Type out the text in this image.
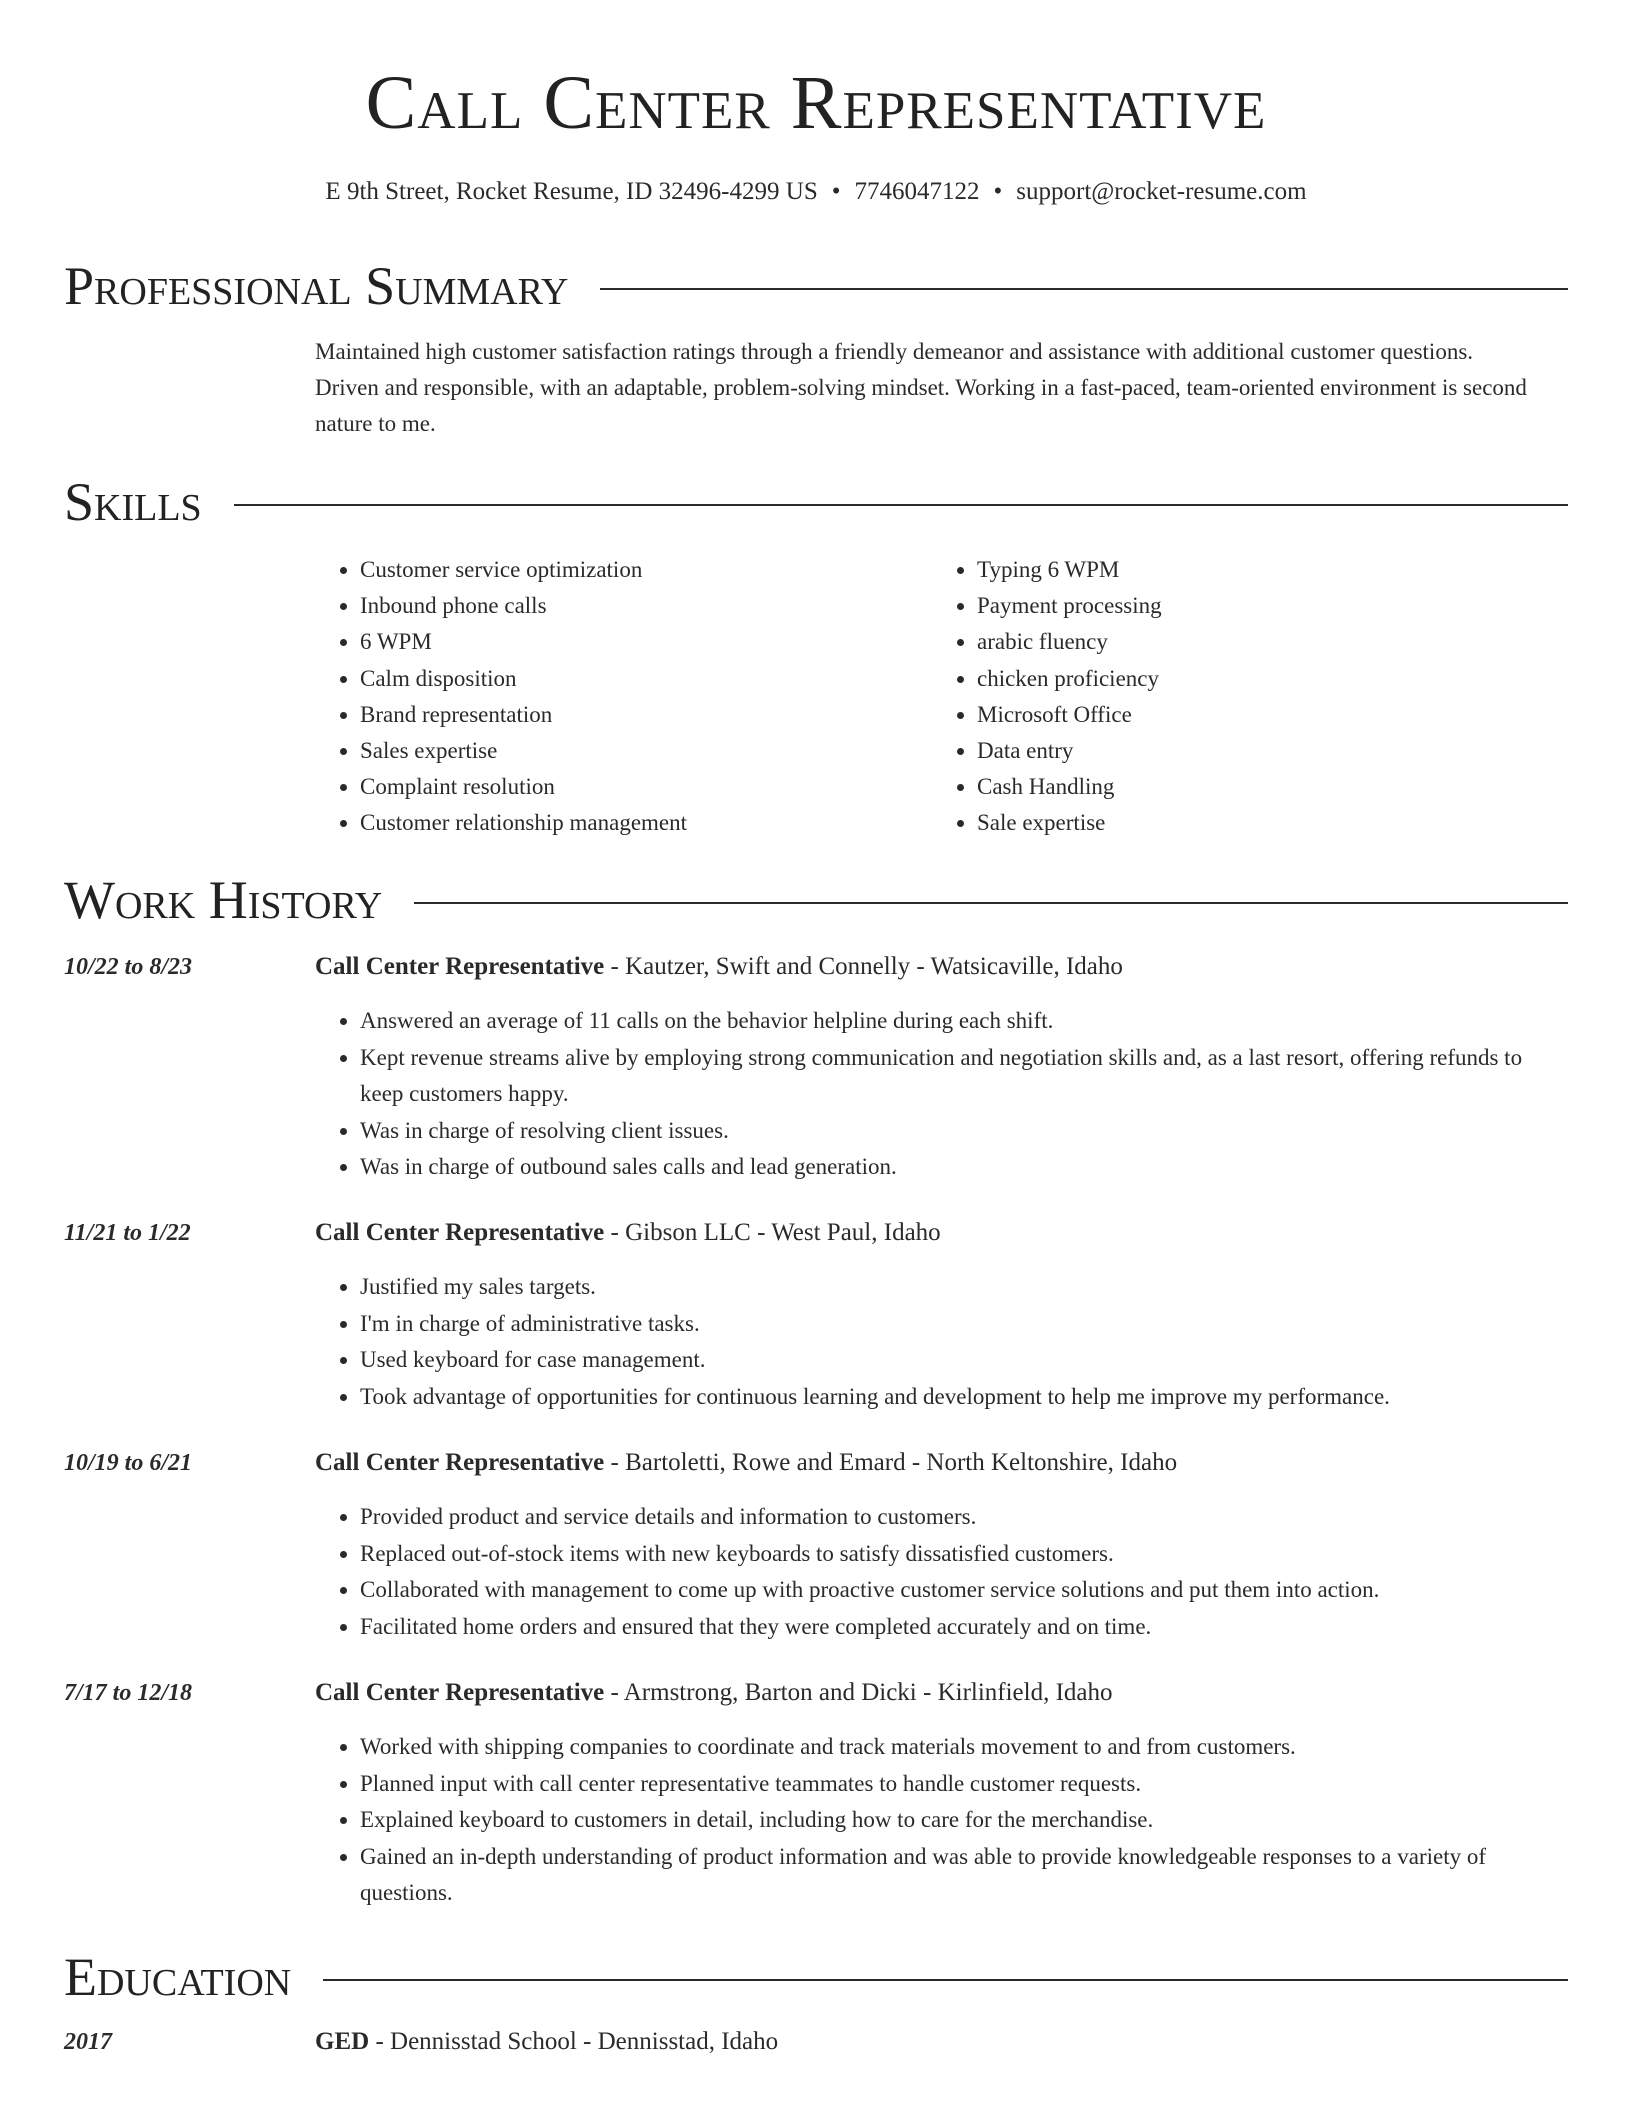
Call Center Representative
E 9th Street, Rocket Resume, ID 32496-4299 US • 7746047122 • support@rocket-resume.com
Professional Summary
Maintained high customer satisfaction ratings through a friendly demeanor and assistance with additional customer questions. Driven and responsible, with an adaptable, problem-solving mindset. Working in a fast-paced, team-oriented environment is second nature to me.
Skills
• Customer service optimization
• Inbound phone calls
• 6 WPM
• Calm disposition
• Brand representation
• Sales expertise
• Complaint resolution
• Customer relationship management
• Typing 6 WPM
• Payment processing
• arabic fluency
• chicken proficiency
• Microsoft Office
• Data entry
• Cash Handling
• Sale expertise
Work History
10/22 to 8/23	Call Center Representative - Kautzer, Swift and Connelly - Watsicaville, Idaho
• Answered an average of 11 calls on the behavior helpline during each shift.
• Kept revenue streams alive by employing strong communication and negotiation skills and, as a last resort, offering refunds to keep customers happy.
• Was in charge of resolving client issues.
• Was in charge of outbound sales calls and lead generation.
11/21 to 1/22	Call Center Representative - Gibson LLC - West Paul, Idaho
• Justified my sales targets.
• I'm in charge of administrative tasks.
• Used keyboard for case management.
• Took advantage of opportunities for continuous learning and development to help me improve my performance.
10/19 to 6/21	Call Center Representative - Bartoletti, Rowe and Emard - North Keltonshire, Idaho
• Provided product and service details and information to customers.
• Replaced out-of-stock items with new keyboards to satisfy dissatisfied customers.
• Collaborated with management to come up with proactive customer service solutions and put them into action.
• Facilitated home orders and ensured that they were completed accurately and on time.
7/17 to 12/18	Call Center Representative - Armstrong, Barton and Dicki - Kirlinfield, Idaho
• Worked with shipping companies to coordinate and track materials movement to and from customers.
• Planned input with call center representative teammates to handle customer requests.
• Explained keyboard to customers in detail, including how to care for the merchandise.
• Gained an in-depth understanding of product information and was able to provide knowledgeable responses to a variety of questions.
Education
2017	GED - Dennisstad School - Dennisstad, Idaho
